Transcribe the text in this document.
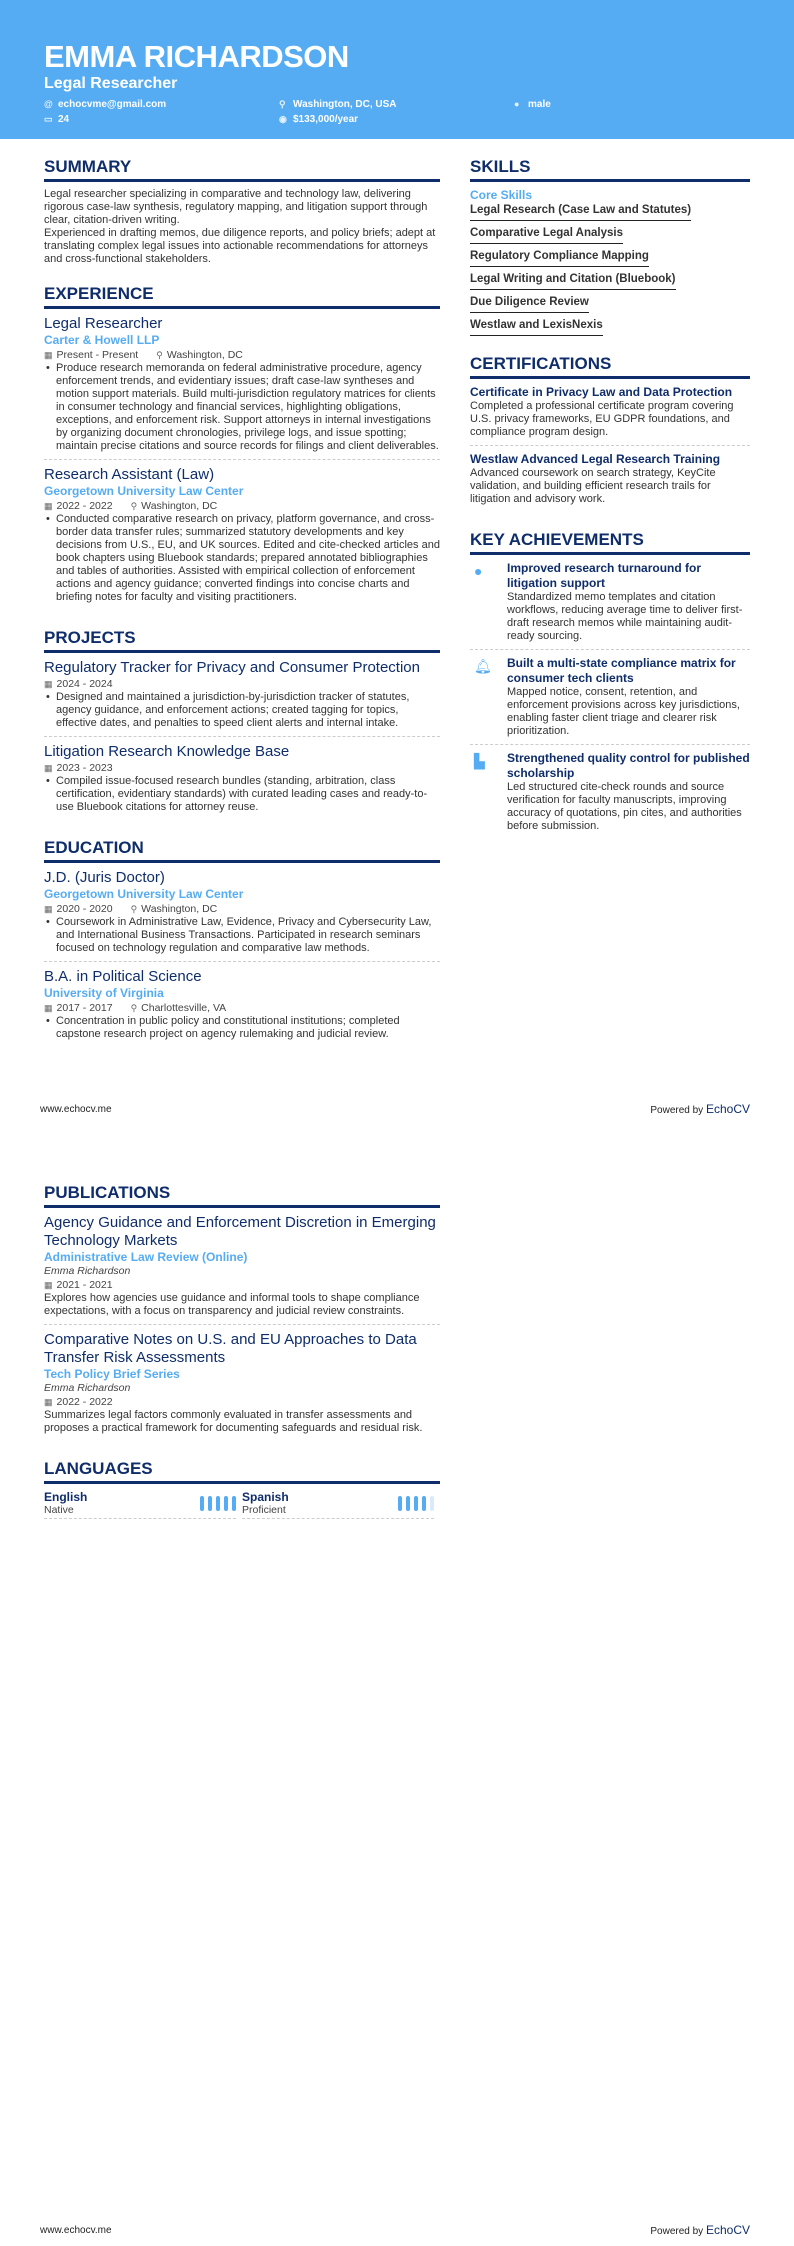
EMMA RICHARDSON
Legal Researcher
@ echocvme@gmail.com	⚲ Washington, DC, USA	● male
▭ 24	◉ $133,000/year
SUMMARY

Legal researcher specializing in comparative and technology law, delivering rigorous case-law synthesis, regulatory mapping, and litigation support through clear, citation-driven writing.

Experienced in drafting memos, due diligence reports, and policy briefs; adept at translating complex legal issues into actionable recommendations for attorneys and cross-functional stakeholders.

EXPERIENCE
Legal Researcher
Carter & Howell LLP
▦ Present - Present ⚲ Washington, DC
• Produce research memoranda on federal administrative procedure, agency enforcement trends, and evidentiary issues; draft case-law syntheses and motion support materials. Build multi-jurisdiction regulatory matrices for clients in consumer technology and financial services, highlighting obligations, exceptions, and enforcement risk. Support attorneys in internal investigations by organizing document chronologies, privilege logs, and issue spotting; maintain precise citations and source records for filings and client deliverables.
Research Assistant (Law)
Georgetown University Law Center
▦ 2022 - 2022 ⚲ Washington, DC
• Conducted comparative research on privacy, platform governance, and cross-border data transfer rules; summarized statutory developments and key decisions from U.S., EU, and UK sources. Edited and cite-checked articles and book chapters using Bluebook standards; prepared annotated bibliographies and tables of authorities. Assisted with empirical collection of enforcement actions and agency guidance; converted findings into concise charts and briefing notes for faculty and visiting practitioners.
PROJECTS
Regulatory Tracker for Privacy and Consumer Protection
▦ 2024 - 2024
• Designed and maintained a jurisdiction-by-jurisdiction tracker of statutes, agency guidance, and enforcement actions; created tagging for topics, effective dates, and penalties to speed client alerts and internal intake.
Litigation Research Knowledge Base
▦ 2023 - 2023
• Compiled issue-focused research bundles (standing, arbitration, class certification, evidentiary standards) with curated leading cases and ready-to-use Bluebook citations for attorney reuse.
EDUCATION
J.D. (Juris Doctor)
Georgetown University Law Center
▦ 2020 - 2020 ⚲ Washington, DC
• Coursework in Administrative Law, Evidence, Privacy and Cybersecurity Law, and International Business Transactions. Participated in research seminars focused on technology regulation and comparative law methods.
B.A. in Political Science
University of Virginia
▦ 2017 - 2017 ⚲ Charlottesville, VA
• Concentration in public policy and constitutional institutions; completed capstone research project on agency rulemaking and judicial review.
SKILLS
Core Skills
Legal Research (Case Law and Statutes)
Comparative Legal Analysis
Regulatory Compliance Mapping
Legal Writing and Citation (Bluebook)
Due Diligence Review
Westlaw and LexisNexis
CERTIFICATIONS
Certificate in Privacy Law and Data Protection

Completed a professional certificate program covering U.S. privacy frameworks, EU GDPR foundations, and compliance program design.

Westlaw Advanced Legal Research Training

Advanced coursework on search strategy, KeyCite validation, and building efficient research trails for litigation and advisory work.

KEY ACHIEVEMENTS
●	Improved research turnaround for litigation support

Standardized memo templates and citation workflows, reducing average time to deliver first-draft research memos while maintaining audit-ready sourcing.

🔔︎	Built a multi-state compliance matrix for consumer tech clients

Mapped notice, consent, retention, and enforcement provisions across key jurisdictions, enabling faster client triage and clearer risk prioritization.

▙	Strengthened quality control for published scholarship

Led structured cite-check rounds and source verification for faculty manuscripts, improving accuracy of quotations, pin cites, and authorities before submission.

www.echocv.me	Powered by EchoCV
PUBLICATIONS
Agency Guidance and Enforcement Discretion in Emerging Technology Markets
Administrative Law Review (Online)
Emma Richardson
▦ 2021 - 2021

Explores how agencies use guidance and informal tools to shape compliance expectations, with a focus on transparency and judicial review constraints.

Comparative Notes on U.S. and EU Approaches to Data Transfer Risk Assessments
Tech Policy Brief Series
Emma Richardson
▦ 2022 - 2022

Summarizes legal factors commonly evaluated in transfer assessments and proposes a practical framework for documenting safeguards and residual risk.

LANGUAGES
English
Native
Spanish
Proficient
www.echocv.me	Powered by EchoCV
